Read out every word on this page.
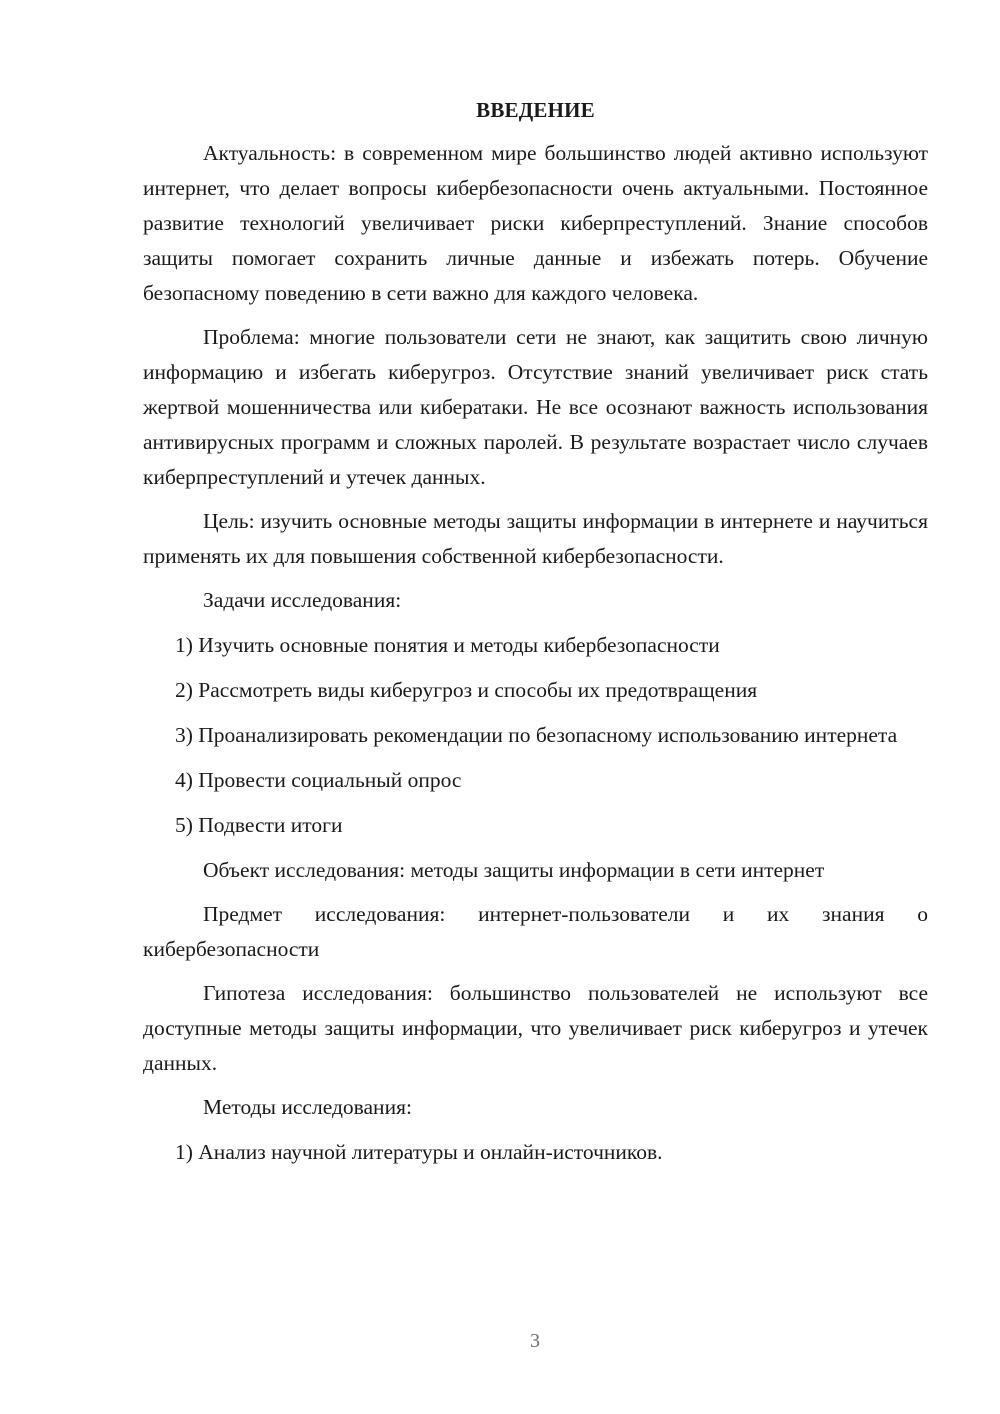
ВВЕДЕНИЕ

Актуальность: в современном мире большинство людей активно используют интернет, что делает вопросы кибербезопасности очень актуальными. Постоянное развитие технологий увеличивает риски киберпреступлений. Знание способов защиты помогает сохранить личные данные и избежать потерь. Обучение безопасному поведению в сети важно для каждого человека.

Проблема: многие пользователи сети не знают, как защитить свою личную информацию и избегать киберугроз. Отсутствие знаний увеличивает риск стать жертвой мошенничества или кибератаки. Не все осознают важность использования антивирусных программ и сложных паролей. В результате возрастает число случаев киберпреступлений и утечек данных.

Цель: изучить основные методы защиты информации в интернете и научиться применять их для повышения собственной кибербезопасности.

Задачи исследования:

1) Изучить основные понятия и методы кибербезопасности

2) Рассмотреть виды киберугроз и способы их предотвращения

3) Проанализировать рекомендации по безопасному использованию интернета

4) Провести социальный опрос

5) Подвести итоги

Объект исследования: методы защиты информации в сети интернет

Предмет исследования: интернет-пользователи и их знания о кибербезопасности

Гипотеза исследования: большинство пользователей не используют все доступные методы защиты информации, что увеличивает риск киберугроз и утечек данных.

Методы исследования:

1) Анализ научной литературы и онлайн-источников.

3
